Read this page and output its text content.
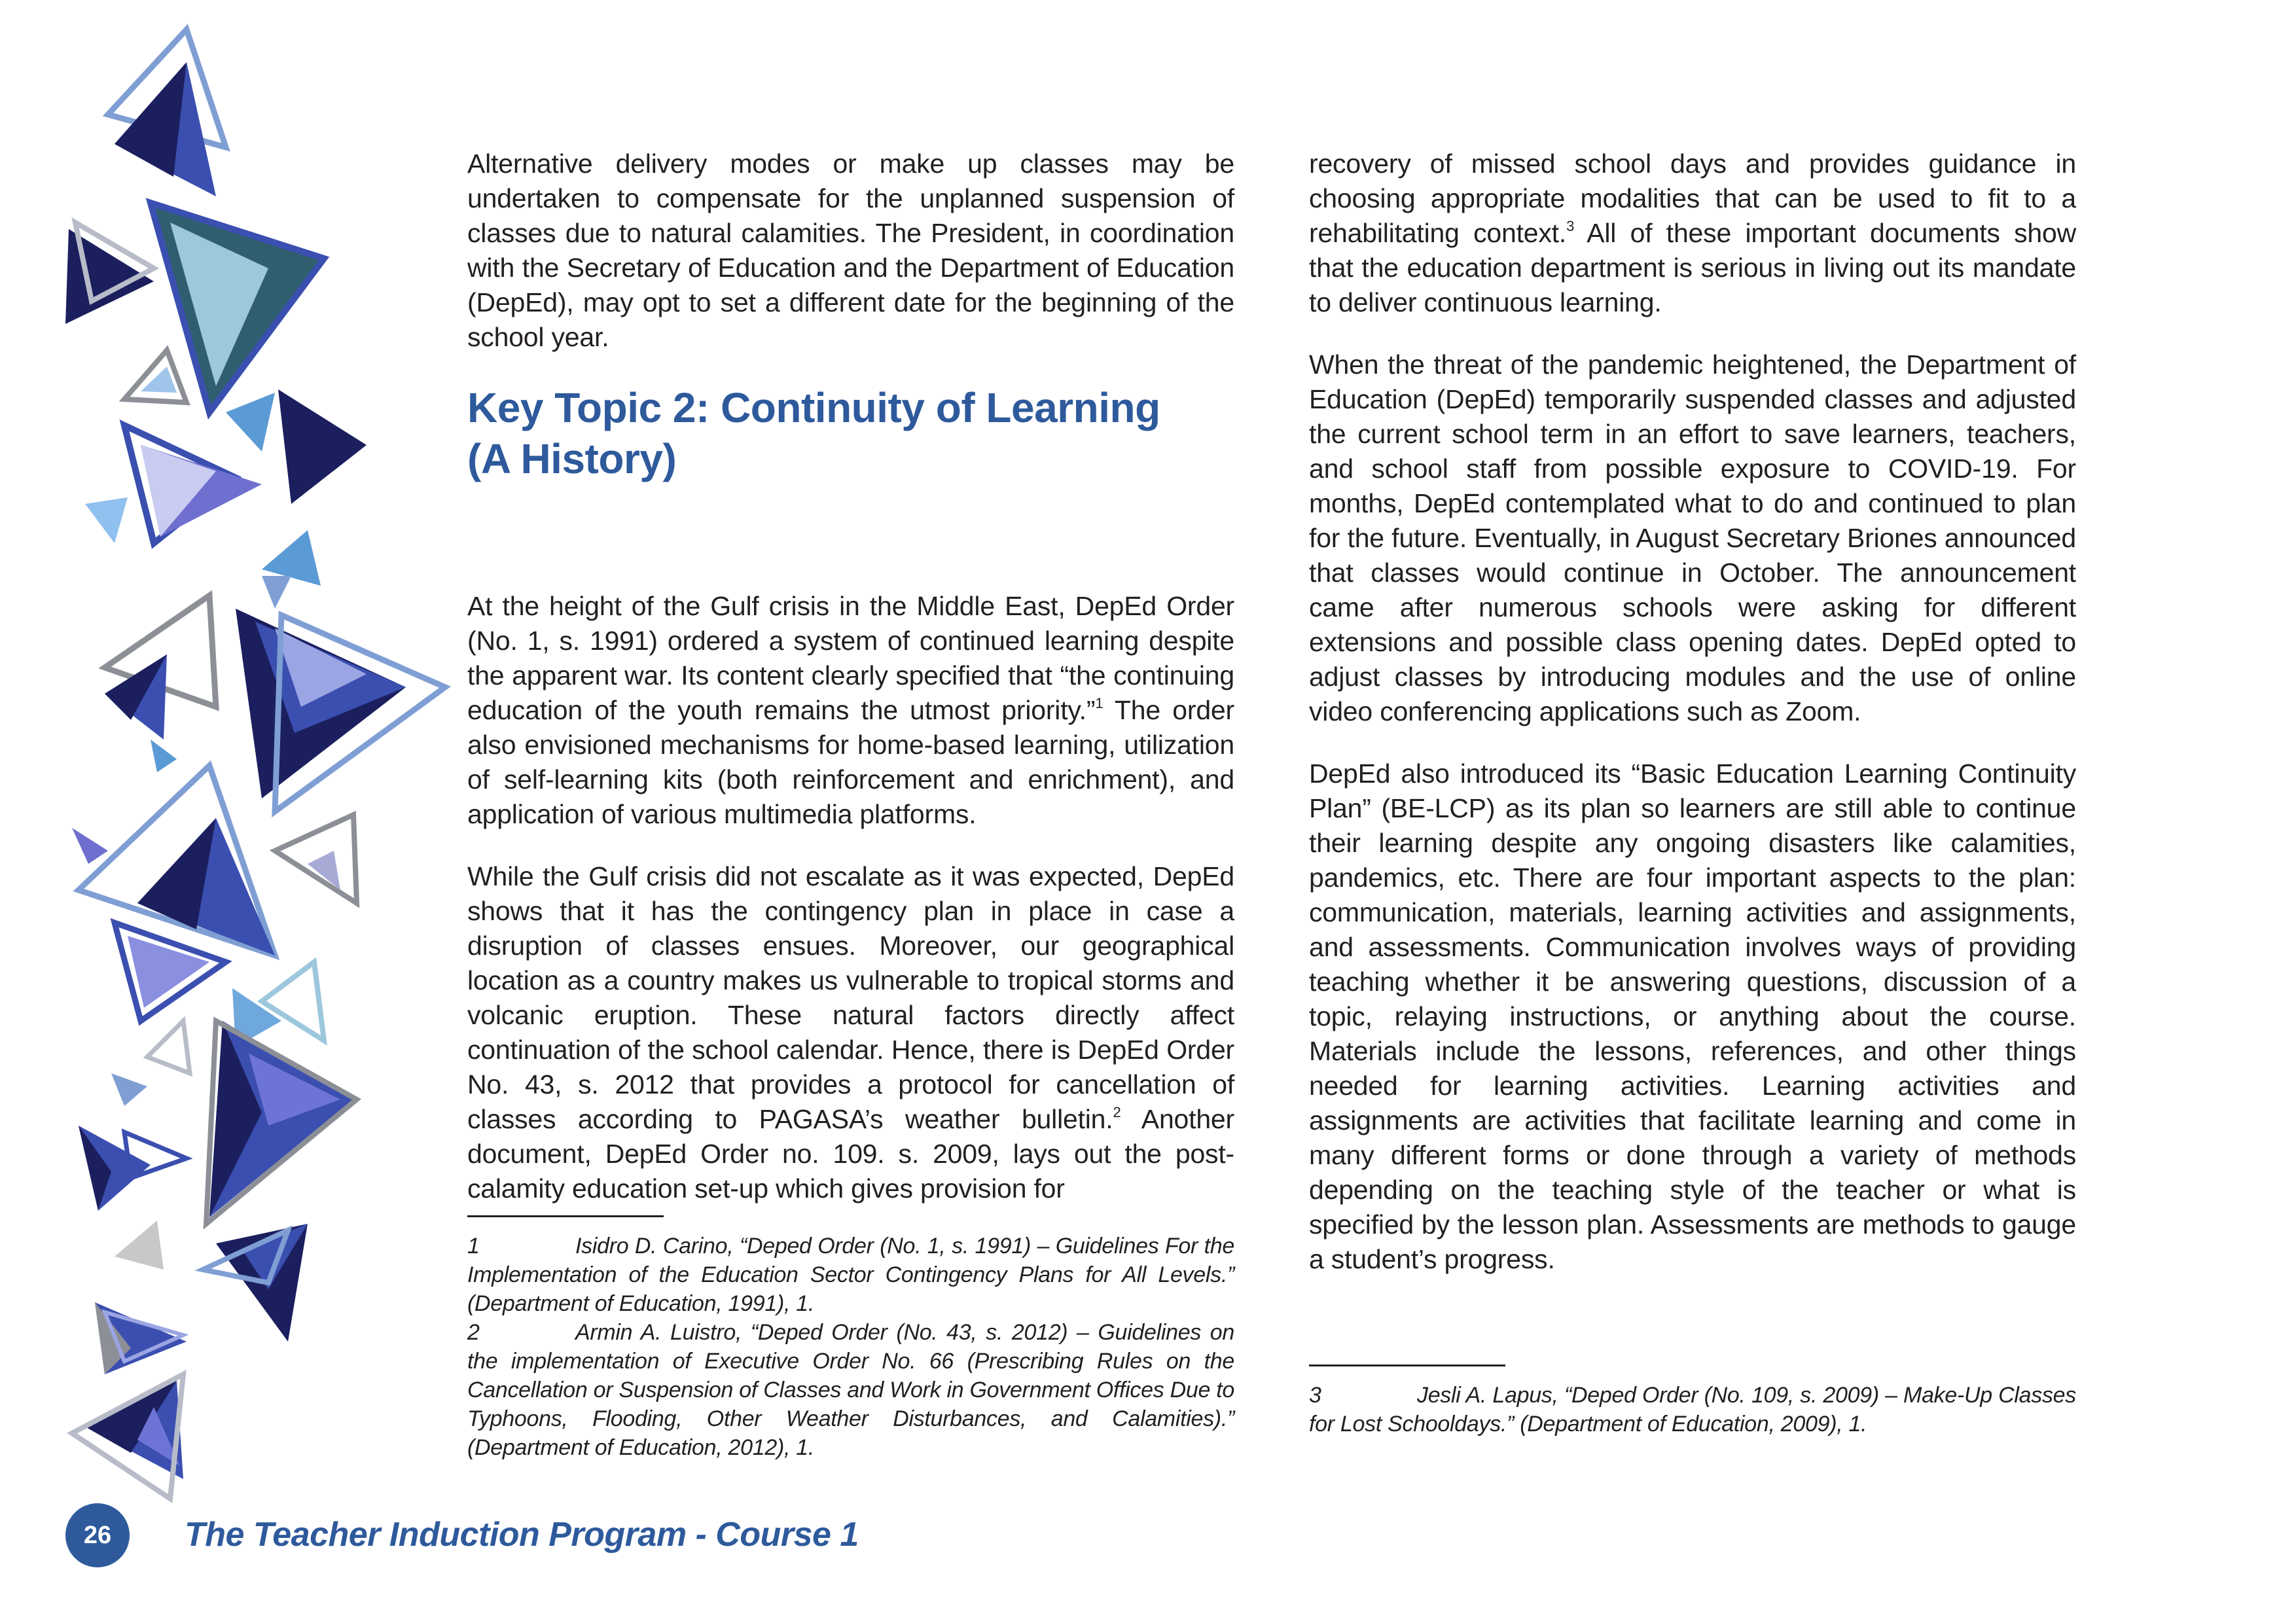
Alternative delivery modes or make up classes may be undertaken to compensate for the unplanned suspension of classes due to natural calamities. The President, in coordination with the Secretary of Education and the Department of Education (DepEd), may opt to set a different date for the beginning of the school year.

Key Topic 2: Continuity of Learning
(A History)

At the height of the Gulf crisis in the Middle East, DepEd Order (No. 1, s. 1991) ordered a system of continued learning despite the apparent war. Its content clearly specified that “the continuing education of the youth remains the utmost priority.”$^1$ The order also envisioned mechanisms for home-based learning, utilization of self-learning kits (both reinforcement and enrichment), and application of various multimedia platforms.

While the Gulf crisis did not escalate as it was expected, DepEd shows that it has the contingency plan in place in case a disruption of classes ensues. Moreover, our geographical location as a country makes us vulnerable to tropical storms and volcanic eruption. These natural factors directly affect continuation of the school calendar. Hence, there is DepEd Order No. 43, s. 2012 that provides a protocol for cancellation of classes according to PAGASA’s weather bulletin.$^2$ Another document, DepEd Order no. 109. s. 2009, lays out the post-calamity education set-up which gives provision for

1	Isidro D. Carino, “Deped Order (No. 1, s. 1991) – Guidelines For the Implementation of the Education Sector Contingency Plans for All Levels.” (Department of Education, 1991), 1.

2	Armin A. Luistro, “Deped Order (No. 43, s. 2012) – Guidelines on the implementation of Executive Order No. 66 (Prescribing Rules on the Cancellation or Suspension of Classes and Work in Government Offices Due to Typhoons, Flooding, Other Weather Disturbances, and Calamities).” (Department of Education, 2012), 1.

recovery of missed school days and provides guidance in choosing appropriate modalities that can be used to fit to a rehabilitating context.$^3$ All of these important documents show that the education department is serious in living out its mandate to deliver continuous learning.

When the threat of the pandemic heightened, the Department of Education (DepEd) temporarily suspended classes and adjusted the current school term in an effort to save learners, teachers, and school staff from possible exposure to COVID-19. For months, DepEd contemplated what to do and continued to plan for the future. Eventually, in August Secretary Briones announced that classes would continue in October. The announcement came after numerous schools were asking for different extensions and possible class opening dates. DepEd opted to adjust classes by introducing modules and the use of online video conferencing applications such as Zoom.

DepEd also introduced its “Basic Education Learning Continuity Plan” (BE-LCP) as its plan so learners are still able to continue their learning despite any ongoing disasters like calamities, pandemics, etc. There are four important aspects to the plan: communication, materials, learning activities and assignments, and assessments. Communication involves ways of providing teaching whether it be answering questions, discussion of a topic, relaying instructions, or anything about the course. Materials include the lessons, references, and other things needed for learning activities. Learning activities and assignments are activities that facilitate learning and come in many different forms or done through a variety of methods depending on the teaching style of the teacher or what is specified by the lesson plan. Assessments are methods to gauge a student’s progress.

3	Jesli A. Lapus, “Deped Order (No. 109, s. 2009) – Make-Up Classes for Lost Schooldays.” (Department of Education, 2009), 1.

26	The Teacher Induction Program - Course 1
